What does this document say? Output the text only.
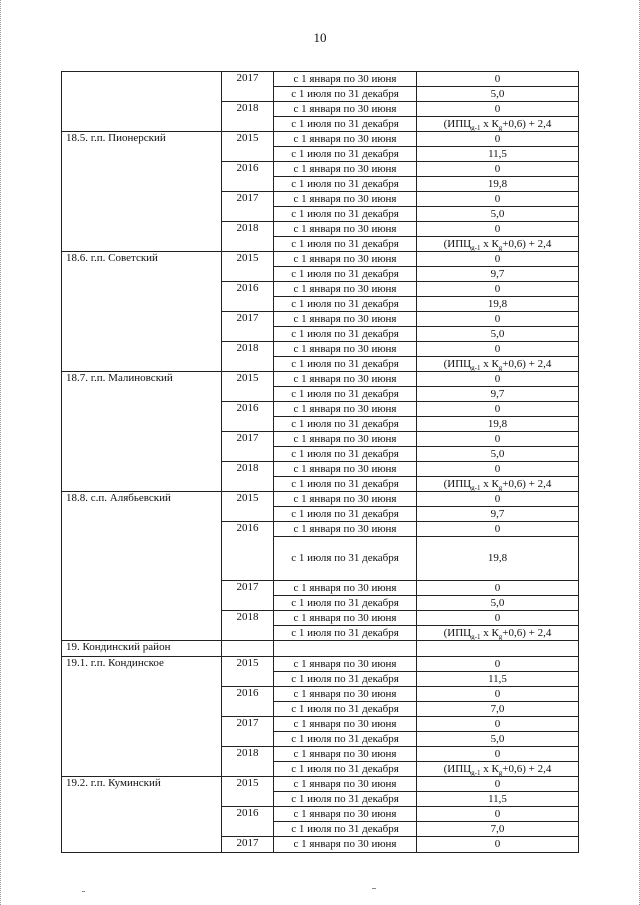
10
	2017	с 1 января по 30 июня	0
		с 1 июля по 31 декабря	5,0
	2018	с 1 января по 30 июня	0
		с 1 июля по 31 декабря	($ИПЦ_{g-1}$ x $К_g+0,6) + 2,4$
18.5. г.п. Пионерский	2015	с 1 января по 30 июня	0
		с 1 июля по 31 декабря	11,5
	2016	с 1 января по 30 июня	0
		с 1 июля по 31 декабря	19,8
	2017	с 1 января по 30 июня	0
		с 1 июля по 31 декабря	5,0
	2018	с 1 января по 30 июня	0
		с 1 июля по 31 декабря	($ИПЦ_{g-1}$ x $К_g+0,6) + 2,4$
18.6. г.п. Советский	2015	с 1 января по 30 июня	0
		с 1 июля по 31 декабря	9,7
	2016	с 1 января по 30 июня	0
		с 1 июля по 31 декабря	19,8
	2017	с 1 января по 30 июня	0
		с 1 июля по 31 декабря	5,0
	2018	с 1 января по 30 июня	0
		с 1 июля по 31 декабря	($ИПЦ_{g-1}$ x $К_g+0,6) + 2,4$
18.7. г.п. Малиновский	2015	с 1 января по 30 июня	0
		с 1 июля по 31 декабря	9,7
	2016	с 1 января по 30 июня	0
		с 1 июля по 31 декабря	19,8
	2017	с 1 января по 30 июня	0
		с 1 июля по 31 декабря	5,0
	2018	с 1 января по 30 июня	0
		с 1 июля по 31 декабря	($ИПЦ_{g-1}$ x $К_g+0,6) + 2,4$
18.8. с.п. Алябьевский	2015	с 1 января по 30 июня	0
		с 1 июля по 31 декабря	9,7
	2016	с 1 января по 30 июня	0
		с 1 июля по 31 декабря	19,8
	2017	с 1 января по 30 июня	0
		с 1 июля по 31 декабря	5,0
	2018	с 1 января по 30 июня	0
		с 1 июля по 31 декабря	($ИПЦ_{g-1}$ x $К_g+0,6) + 2,4$
19. Кондинский район			
19.1. г.п. Кондинское	2015	с 1 января по 30 июня	0
		с 1 июля по 31 декабря	11,5
	2016	с 1 января по 30 июня	0
		с 1 июля по 31 декабря	7,0
	2017	с 1 января по 30 июня	0
		с 1 июля по 31 декабря	5,0
	2018	с 1 января по 30 июня	0
		с 1 июля по 31 декабря	($ИПЦ_{g-1}$ x $К_g+0,6) + 2,4$
19.2. г.п. Куминский	2015	с 1 января по 30 июня	0
		с 1 июля по 31 декабря	11,5
	2016	с 1 января по 30 июня	0
		с 1 июля по 31 декабря	7,0
	2017	с 1 января по 30 июня	0
